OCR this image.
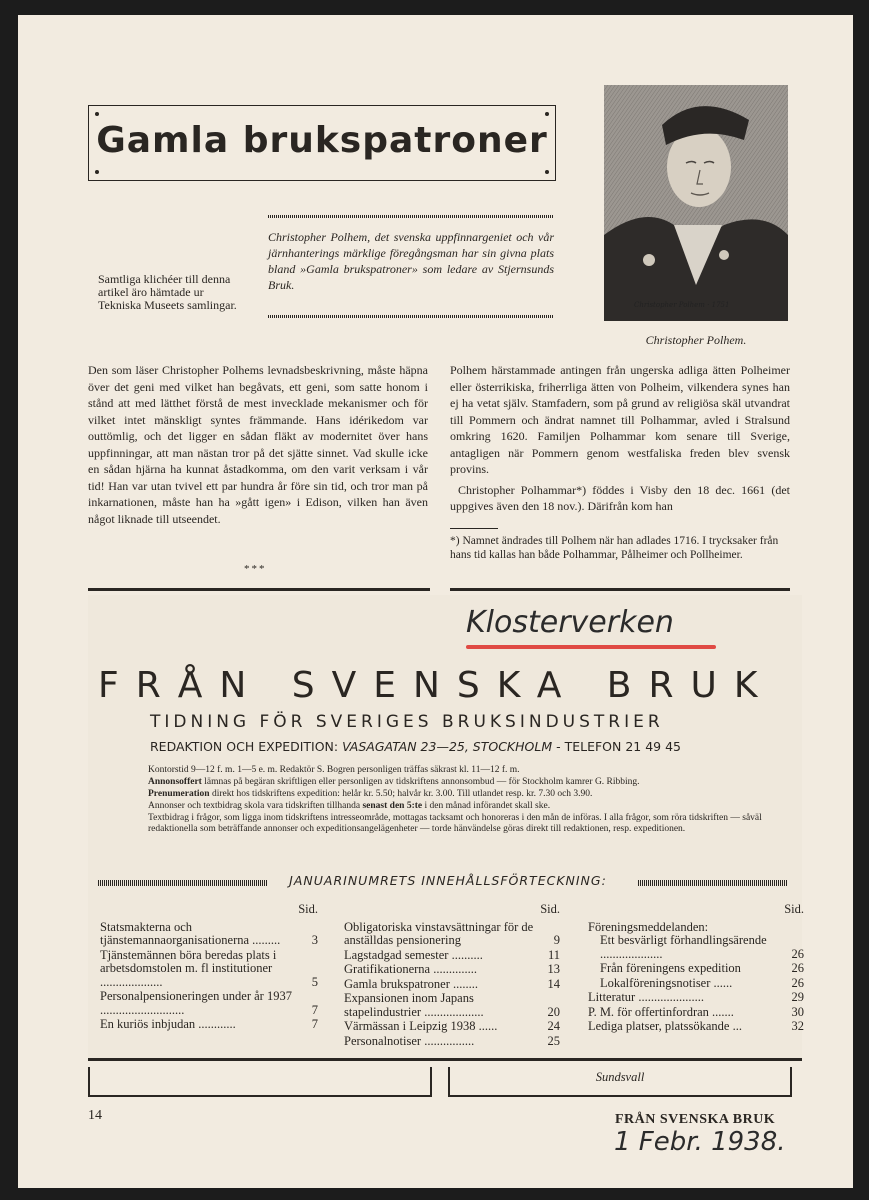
Gamla brukspatroner
Samtliga klichéer till denna artikel äro hämtade ur Tekniska Museets samlingar.
Christopher Polhem, det svenska uppfinnargeniet och vår järnhanterings märklige föregångsman har sin givna plats bland »Gamla brukspatroner» som ledare av Stjernsunds Bruk.
Christopher Polhem · 1751
Christopher Polhem.

Den som läser Christopher Polhems levnadsbeskrivning, måste häpna över det geni med vilket han begåvats, ett geni, som satte honom i stånd att med lätthet förstå de mest invecklade mekanismer och för vilket intet mänskligt syntes främmande. Hans idérikedom var outtömlig, och det ligger en sådan fläkt av modernitet över hans uppfinningar, att man nästan tror på det sjätte sinnet. Vad skulle icke en sådan hjärna ha kunnat åstadkomma, om den varit verksam i vår tid! Han var utan tvivel ett par hundra år före sin tid, och tror man på inkarnationen, måste han ha »gått igen» i Edison, vilken han även något liknade till utseendet.

***

Polhem härstammade antingen från ungerska adliga ätten Polheimer eller österrikiska, friherrliga ätten von Polheim, vilkendera synes han ej ha vetat själv. Stamfadern, som på grund av religiösa skäl utvandrat till Pommern och ändrat namnet till Polhammar, avled i Stralsund omkring 1620. Familjen Polhammar kom senare till Sverige, antagligen när Pommern genom westfaliska freden blev svensk provins.

Christopher Polhammar*) föddes i Visby den 18 dec. 1661 (det uppgives även den 18 nov.). Därifrån kom han

*) Namnet ändrades till Polhem när han adlades 1716. I trycksaker från hans tid kallas han både Polhammar, Pålheimer och Pollheimer.
Klosterverken
FRÅN SVENSKA BRUK
TIDNING FÖR SVERIGES BRUKSINDUSTRIER
REDAKTION OCH EXPEDITION: VASAGATAN 23—25, STOCKHOLM - TELEFON 21 49 45

Kontorstid 9—12 f. m. 1—5 e. m. Redaktör S. Bogren personligen träffas säkrast kl. 11—12 f. m.

Annonsoffert lämnas på begäran skriftligen eller personligen av tidskriftens annonsombud — för Stockholm kamrer G. Ribbing.

Prenumeration direkt hos tidskriftens expedition: helår kr. 5.50; halvår kr. 3.00. Till utlandet resp. kr. 7.30 och 3.90.

Annonser och textbidrag skola vara tidskriften tillhanda senast den 5:te i den månad införandet skall ske.

Textbidrag i frågor, som ligga inom tidskriftens intresseområde, mottagas tacksamt och honoreras i den mån de införas. I alla frågor, som röra tidskriften — såväl redaktionella som beträffande annonser och expeditionsangelägenheter — torde hänvändelse göras direkt till redaktionen, resp. expeditionen.

JANUARINUMRETS INNEHÅLLSFÖRTECKNING:
Sid.
Statsmakterna och tjänstemannaorganisationerna .........	3
Tjänstemännen böra beredas plats i arbetsdomstolen m. fl institutioner ....................	5
Personalpensioneringen under år 1937 ...........................	7
En kuriös inbjudan ............	7
Sid.
Obligatoriska vinstavsättningar för de anställdas pensionering	9
Lagstadgad semester ..........	11
Gratifikationerna ..............	13
Gamla brukspatroner ........	14
Expansionen inom Japans stapelindustrier ...................	20
Värmässan i Leipzig 1938 ......	24
Personalnotiser ................	25
Sid.
Föreningsmeddelanden:
Ett besvärligt förhandlingsärende ....................	26
Från föreningens expedition	26
Lokalföreningsnotiser ......	26
Litteratur .....................	29
P. M. för offertinfordran .......	30
Lediga platser, platssökande ...	32
Sundsvall
14	FRÅN SVENSKA BRUK
1 Febr. 1938.
